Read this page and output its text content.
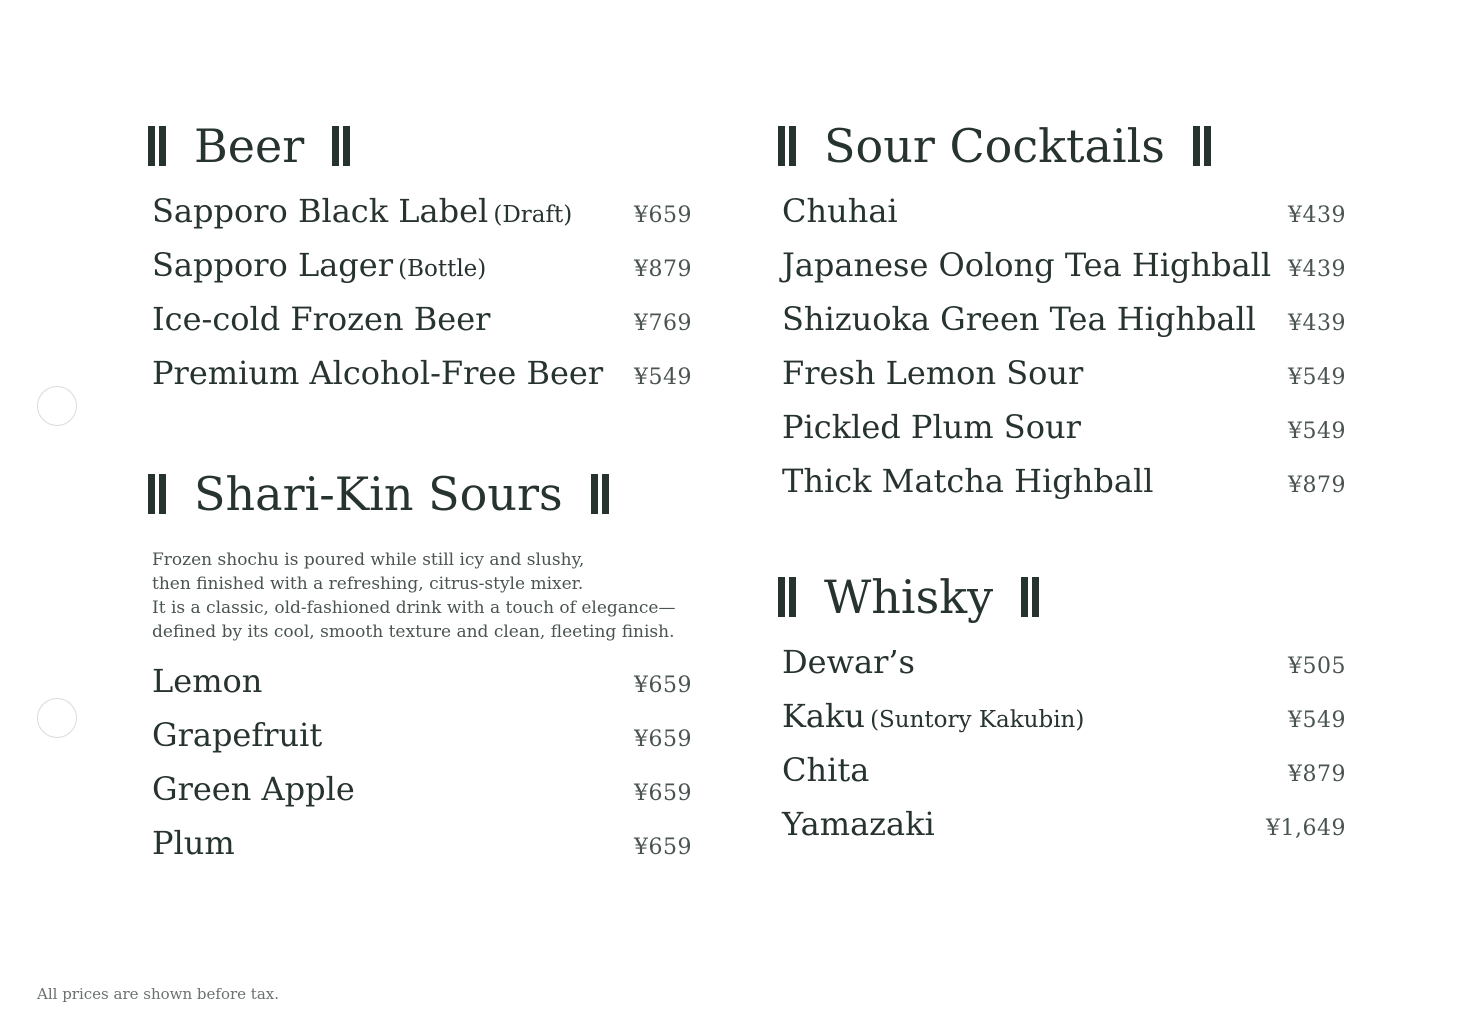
Beer
Sapporo Black Label (Draft)	¥659
Sapporo Lager (Bottle)	¥879
Ice-cold Frozen Beer	¥769
Premium Alcohol-Free Beer ¥549
Shari-Kin Sours
Frozen shochu is poured while still icy and slushy,
then finished with a refreshing, citrus-style mixer.
It is a classic, old-fashioned drink with a touch of elegance—
defined by its cool, smooth texture and clean, fleeting finish.
Lemon	¥659
Grapefruit	¥659
Green Apple	¥659
Plum	¥659
Sour Cocktails
Chuhai	¥439
Japanese Oolong Tea Highball ¥439
Shizuoka Green Tea Highball ¥439
Fresh Lemon Sour	¥549
Pickled Plum Sour	¥549
Thick Matcha Highball	¥879
Whisky
Dewar’s	¥505
Kaku (Suntory Kakubin)	¥549
Chita	¥879
Yamazaki	¥1,649
All prices are shown before tax.
